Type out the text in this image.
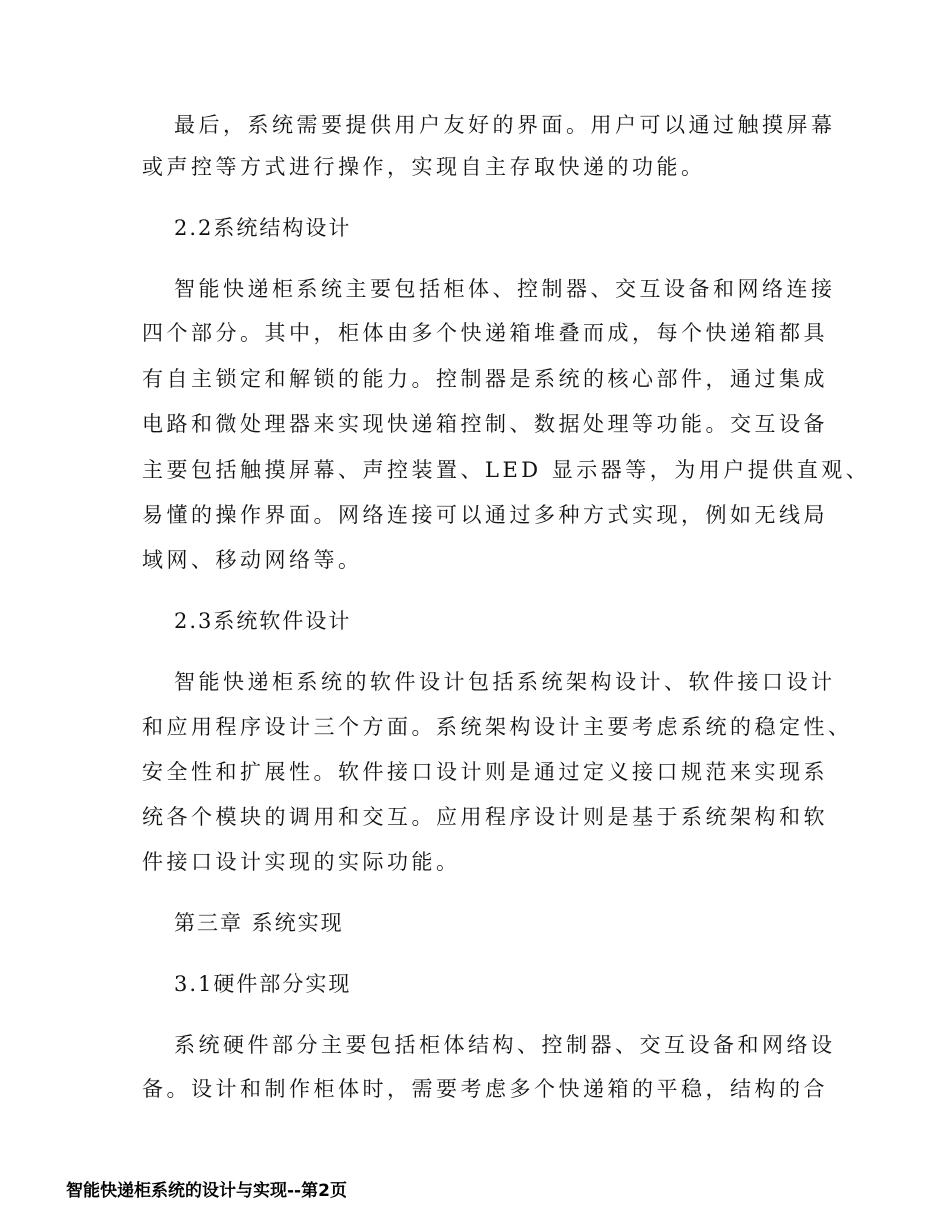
最后，系统需要提供用户友好的界面。用户可以通过触摸屏幕
或声控等方式进行操作，实现自主存取快递的功能。
2.2系统结构设计
智能快递柜系统主要包括柜体、控制器、交互设备和网络连接
四个部分。其中，柜体由多个快递箱堆叠而成，每个快递箱都具
有自主锁定和解锁的能力。控制器是系统的核心部件，通过集成
电路和微处理器来实现快递箱控制、数据处理等功能。交互设备
主要包括触摸屏幕、声控装置、LED 显示器等，为用户提供直观、
易懂的操作界面。网络连接可以通过多种方式实现，例如无线局
域网、移动网络等。
2.3系统软件设计
智能快递柜系统的软件设计包括系统架构设计、软件接口设计
和应用程序设计三个方面。系统架构设计主要考虑系统的稳定性、
安全性和扩展性。软件接口设计则是通过定义接口规范来实现系
统各个模块的调用和交互。应用程序设计则是基于系统架构和软
件接口设计实现的实际功能。
第三章 系统实现
3.1硬件部分实现
系统硬件部分主要包括柜体结构、控制器、交互设备和网络设
备。设计和制作柜体时，需要考虑多个快递箱的平稳，结构的合
智能快递柜系统的设计与实现--第2页
